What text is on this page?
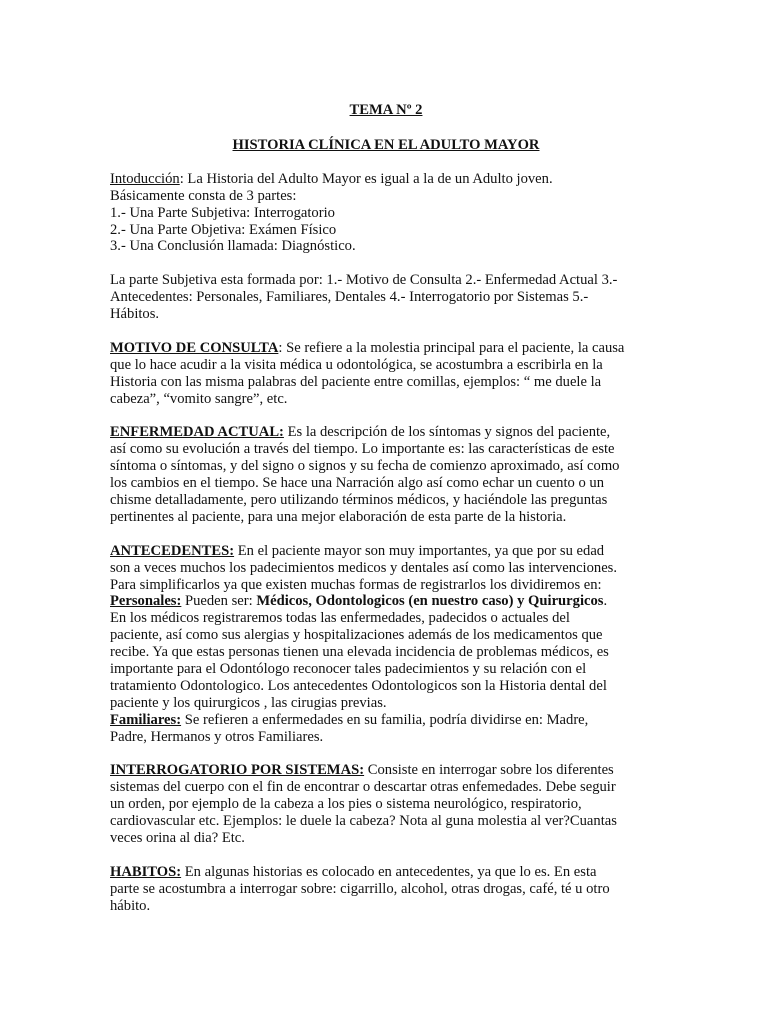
TEMA Nº 2
HISTORIA CLÍNICA EN EL ADULTO MAYOR

Intoducción: La Historia del Adulto Mayor es igual a la de un Adulto joven.
Básicamente consta de 3 partes:
1.- Una Parte Subjetiva: Interrogatorio
2.- Una Parte Objetiva: Exámen Físico
3.- Una Conclusión llamada: Diagnóstico.

La parte Subjetiva esta formada por: 1.- Motivo de Consulta 2.- Enfermedad Actual 3.-
Antecedentes: Personales, Familiares, Dentales 4.- Interrogatorio por Sistemas 5.-
Hábitos.

MOTIVO DE CONSULTA: Se refiere a la molestia principal para el paciente, la causa
que lo hace acudir a la visita médica u odontológica, se acostumbra a escribirla en la
Historia con las misma palabras del paciente entre comillas, ejemplos: “ me duele la
cabeza”, “vomito sangre”, etc.

ENFERMEDAD ACTUAL: Es la descripción de los síntomas y signos del paciente,
así como su evolución a través del tiempo. Lo importante es: las características de este
síntoma o síntomas, y del signo o signos y su fecha de comienzo aproximado, así como
los cambios en el tiempo. Se hace una Narración algo así como echar un cuento o un
chisme detalladamente, pero utilizando términos médicos, y haciéndole las preguntas
pertinentes al paciente, para una mejor elaboración de esta parte de la historia.

ANTECEDENTES: En el paciente mayor son muy importantes, ya que por su edad
son a veces muchos los padecimientos medicos y dentales así como las intervenciones.
Para simplificarlos ya que existen muchas formas de registrarlos los dividiremos en:
Personales: Pueden ser: Médicos, Odontologicos (en nuestro caso) y Quirurgicos.
En los médicos registraremos todas las enfermedades, padecidos o actuales del
paciente, así como sus alergias y hospitalizaciones además de los medicamentos que
recibe. Ya que estas personas tienen una elevada incidencia de problemas médicos, es
importante para el Odontólogo reconocer tales padecimientos y su relación con el
tratamiento Odontologico. Los antecedentes Odontologicos son la Historia dental del
paciente y los quirurgicos , las cirugias previas.
Familiares: Se refieren a enfermedades en su familia, podría dividirse en: Madre,
Padre, Hermanos y otros Familiares.

INTERROGATORIO POR SISTEMAS: Consiste en interrogar sobre los diferentes
sistemas del cuerpo con el fin de encontrar o descartar otras enfemedades. Debe seguir
un orden, por ejemplo de la cabeza a los pies o sistema neurológico, respiratorio,
cardiovascular etc. Ejemplos: le duele la cabeza? Nota al guna molestia al ver?Cuantas
veces orina al dia? Etc.

HABITOS: En algunas historias es colocado en antecedentes, ya que lo es. En esta
parte se acostumbra a interrogar sobre: cigarrillo, alcohol, otras drogas, café, té u otro
hábito.
